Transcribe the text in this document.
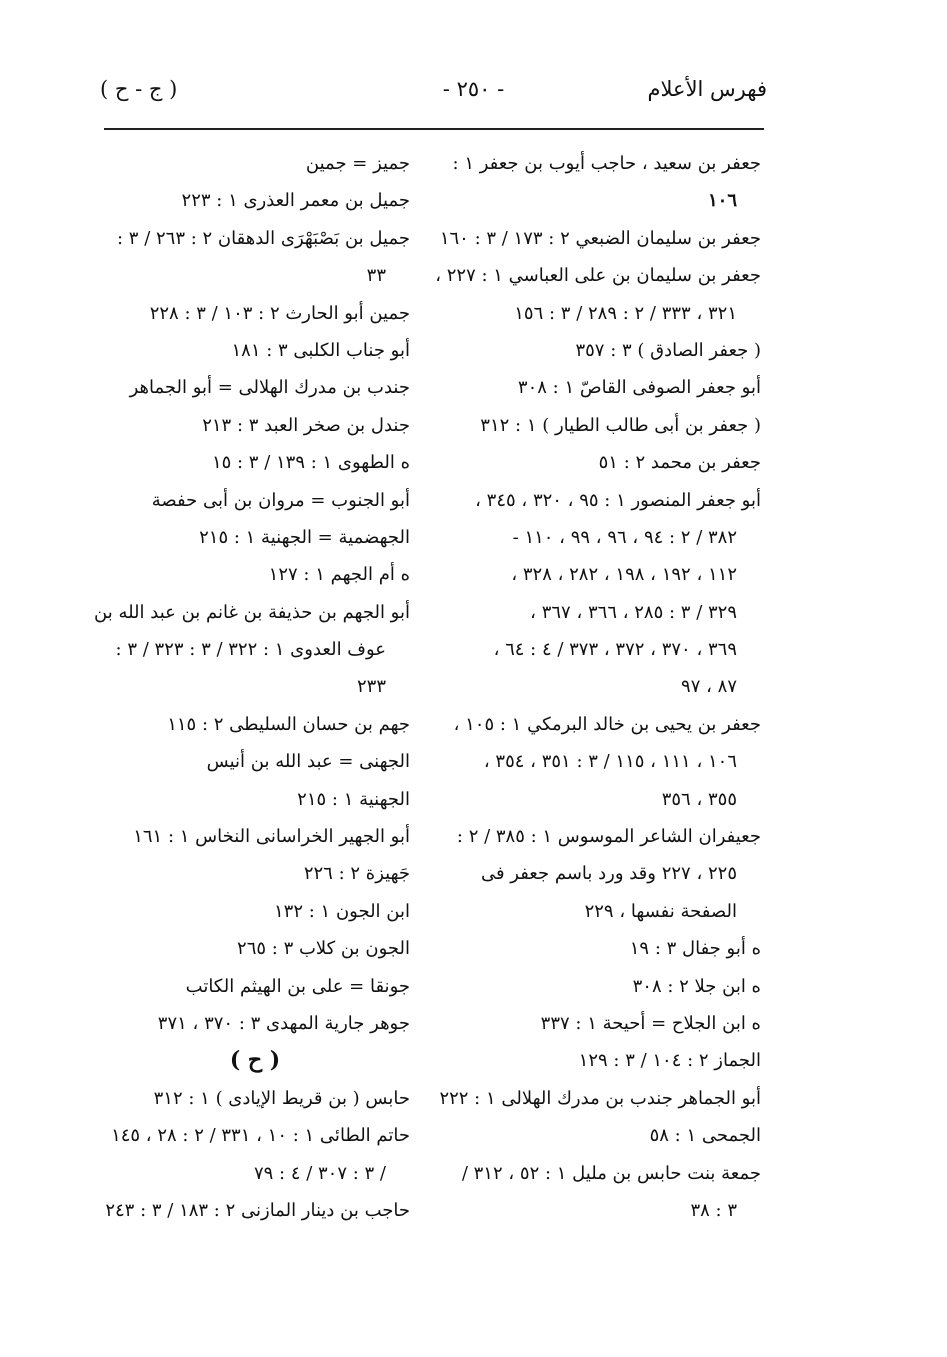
فهرس الأعلام
- ٢٥٠ -
( ج - ح )
جعفر بن سعيد ، حاجب أيوب بن جعفر ١ :
١٠٦
جعفر بن سليمان الضبعي ٢ : ١٧٣ / ٣ : ١٦٠
جعفر بن سليمان بن على العباسي ١ : ٢٢٧ ،
٣٢١ ، ٣٣٣ / ٢ : ٢٨٩ / ٣ : ١٥٦
( جعفر الصادق ) ٣ : ٣٥٧
أبو جعفر الصوفى القاصّ ١ : ٣٠٨
( جعفر بن أبى طالب الطيار ) ١ : ٣١٢
جعفر بن محمد ٢ : ٥١
أبو جعفر المنصور ١ : ٩٥ ، ٣٢٠ ، ٣٤٥ ،
٣٨٢ / ٢ : ٩٤ ، ٩٦ ، ٩٩ ، ١١٠ -
١١٢ ، ١٩٢ ، ١٩٨ ، ٢٨٢ ، ٣٢٨ ،
٣٢٩ / ٣ : ٢٨٥ ، ٣٦٦ ، ٣٦٧ ،
٣٦٩ ، ٣٧٠ ، ٣٧٢ ، ٣٧٣ / ٤ : ٦٤ ،
٨٧ ، ٩٧
جعفر بن يحيى بن خالد البرمكي ١ : ١٠٥ ،
١٠٦ ، ١١١ ، ١١٥ / ٣ : ٣٥١ ، ٣٥٤ ،
٣٥٥ ، ٣٥٦
جعيفران الشاعر الموسوس ١ : ٣٨٥ / ٢ :
٢٢٥ ، ٢٢٧ وقد ورد باسم جعفر فى
الصفحة نفسها ، ٢٢٩
ه أبو جفال ٣ : ١٩
ه ابن جلا ٢ : ٣٠٨
ه ابن الجلاح = أحيحة ١ : ٣٣٧
الجماز ٢ : ١٠٤ / ٣ : ١٢٩
أبو الجماهر جندب بن مدرك الهلالى ١ : ٢٢٢
الجمحى ١ : ٥٨
جمعة بنت حابس بن مليل ١ : ٥٢ ، ٣١٢ /
٣ : ٣٨
جميز = جمين
جميل بن معمر العذرى ١ : ٢٢٣
جميل بن بَصْبَهْرَى الدهقان ٢ : ٢٦٣ / ٣ :
٣٣
جمين أبو الحارث ٢ : ١٠٣ / ٣ : ٢٢٨
أبو جناب الكلبى ٣ : ١٨١
جندب بن مدرك الهلالى = أبو الجماهر
جندل بن صخر العبد ٣ : ٢١٣
ه الطهوى ١ : ١٣٩ / ٣ : ١٥
أبو الجنوب = مروان بن أبى حفصة
الجهضمية = الجهنية ١ : ٢١٥
ه أم الجهم ١ : ١٢٧
أبو الجهم بن حذيفة بن غانم بن عبد الله بن
عوف العدوى ١ : ٣٢٢ / ٣ : ٣٢٣ / ٣ :
٢٣٣
جهم بن حسان السليطى ٢ : ١١٥
الجهنى = عبد الله بن أنيس
الجهنية ١ : ٢١٥
أبو الجهير الخراسانى النخاس ١ : ١٦١
جَهيزة ٢ : ٢٢٦
ابن الجون ١ : ١٣٢
الجون بن كلاب ٣ : ٢٦٥
جونقا = على بن الهيثم الكاتب
جوهر جارية المهدى ٣ : ٣٧٠ ، ٣٧١
( ح )
حابس ( بن قريط الإيادى ) ١ : ٣١٢
حاتم الطائى ١ : ١٠ ، ٣٣١ / ٢ : ٢٨ ، ١٤٥
/ ٣ : ٣٠٧ / ٤ : ٧٩
حاجب بن دينار المازنى ٢ : ١٨٣ / ٣ : ٢٤٣
